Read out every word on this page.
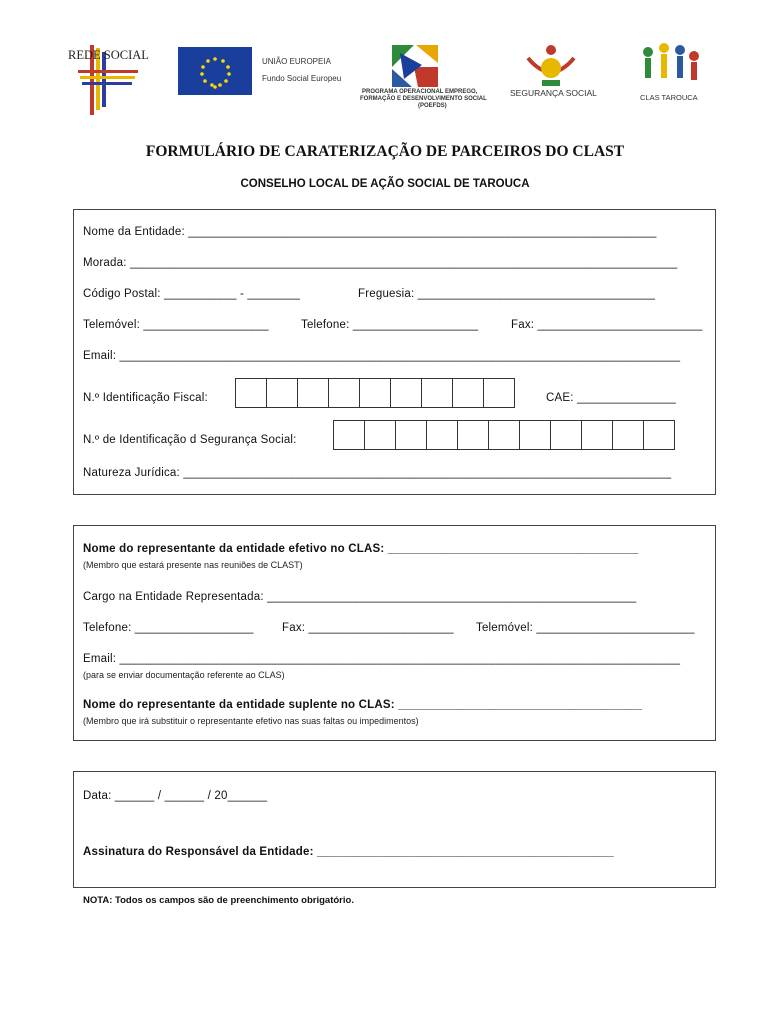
REDE SOCIAL	UNIÃO EUROPEIA
Fundo Social Europeu
PROGRAMA OPERACIONAL EMPREGO,
FORMAÇÃO E DESENVOLVIMENTO SOCIAL
(POEFDS)
SEGURANÇA SOCIAL	CLAS TAROUCA
FORMULÁRIO DE CARATERIZAÇÃO DE PARCEIROS DO CLAST
CONSELHO LOCAL DE AÇÃO SOCIAL DE TAROUCA
Nome da Entidade: _______________________________________________________________________
Morada: ___________________________________________________________________________________
Código Postal: ___________ - ________	Freguesia: ____________________________________
Telemóvel: ___________________	Telefone: ___________________	Fax: _________________________
Email: _____________________________________________________________________________________
N.º Identificação Fiscal:	CAE: _______________
N.º de Identificação d Segurança Social:
Natureza Jurídica: __________________________________________________________________________
Nome do representante da entidade efetivo no CLAS: ______________________________________
(Membro que estará presente nas reuniões de CLAST)
Cargo na Entidade Representada: ________________________________________________________
Telefone: __________________ Fax: ______________________ Telemóvel: ________________________
Email: _____________________________________________________________________________________
(para se enviar documentação referente ao CLAS)
Nome do representante da entidade suplente no CLAS: _____________________________________
(Membro que irá substituir o representante efetivo nas suas faltas ou impedimentos)
Data: ______ / ______ / 20______
Assinatura do Responsável da Entidade: _____________________________________________
NOTA: Todos os campos são de preenchimento obrigatório.
